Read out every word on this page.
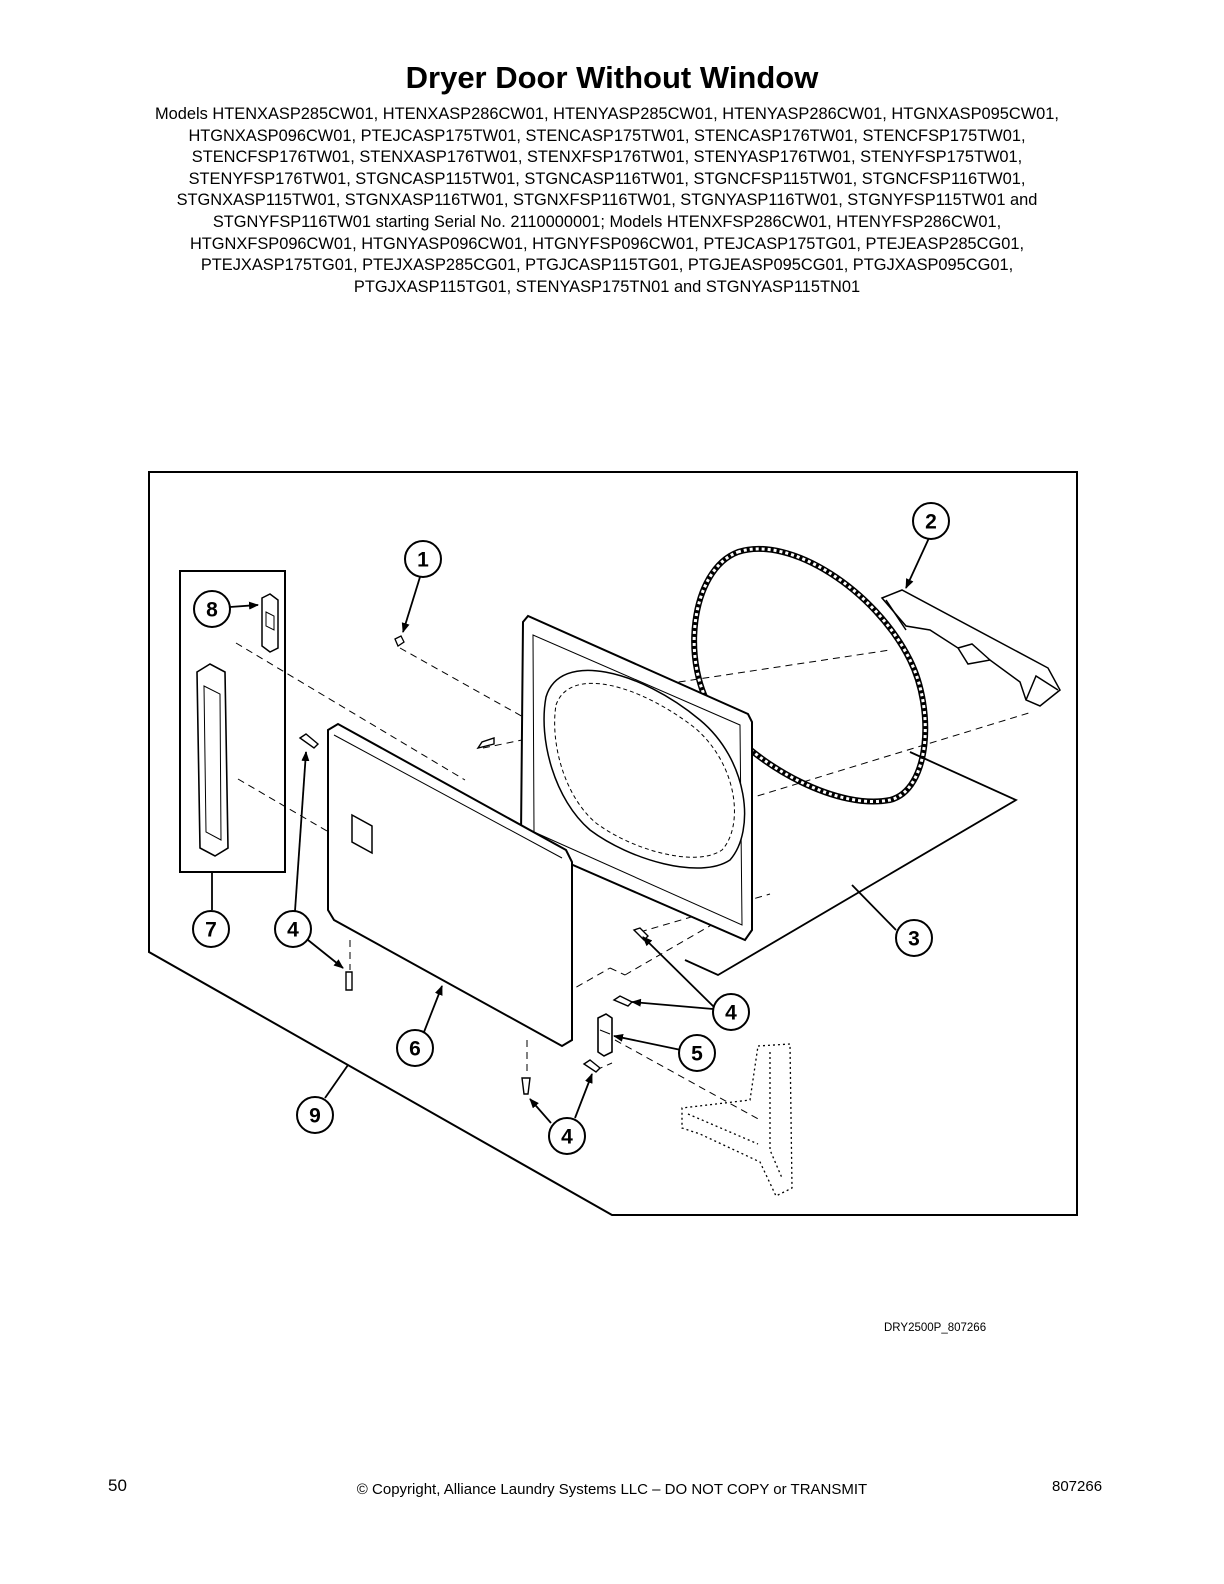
Dryer Door Without Window
Models HTENXASP285CW01, HTENXASP286CW01, HTENYASP285CW01, HTENYASP286CW01, HTGNXASP095CW01,
HTGNXASP096CW01, PTEJCASP175TW01, STENCASP175TW01, STENCASP176TW01, STENCFSP175TW01,
STENCFSP176TW01, STENXASP176TW01, STENXFSP176TW01, STENYASP176TW01, STENYFSP175TW01,
STENYFSP176TW01, STGNCASP115TW01, STGNCASP116TW01, STGNCFSP115TW01, STGNCFSP116TW01,
STGNXASP115TW01, STGNXASP116TW01, STGNXFSP116TW01, STGNYASP116TW01, STGNYFSP115TW01 and
STGNYFSP116TW01 starting Serial No. 2110000001; Models HTENXFSP286CW01, HTENYFSP286CW01,
HTGNXFSP096CW01, HTGNYASP096CW01, HTGNYFSP096CW01, PTEJCASP175TG01, PTEJEASP285CG01,
PTEJXASP175TG01, PTEJXASP285CG01, PTGJCASP115TG01, PTGJEASP095CG01, PTGJXASP095CG01,
PTGJXASP115TG01, STENYASP175TN01 and STGNYASP115TN01
1
2
3
4
4
4
5
6
7
8
9
DRY2500P_807266
50	© Copyright, Alliance Laundry Systems LLC – DO NOT COPY or TRANSMIT	807266
